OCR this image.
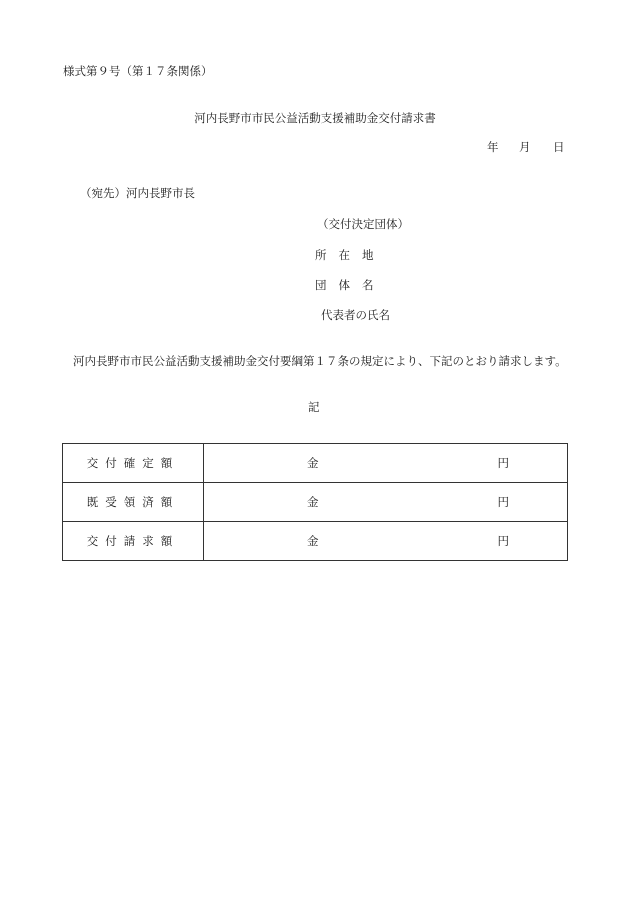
様式第９号（第１７条関係）
河内長野市市民公益活動支援補助金交付請求書
年 月 日
（宛先）河内長野市長
（交付決定団体）
所在地
団体名
代表者の氏名
河内長野市市民公益活動支援補助金交付要綱第１７条の規定により、下記のとおり請求します。
記
交付確定額	金 円

既受領済額	金 円

交付請求額	金 円
